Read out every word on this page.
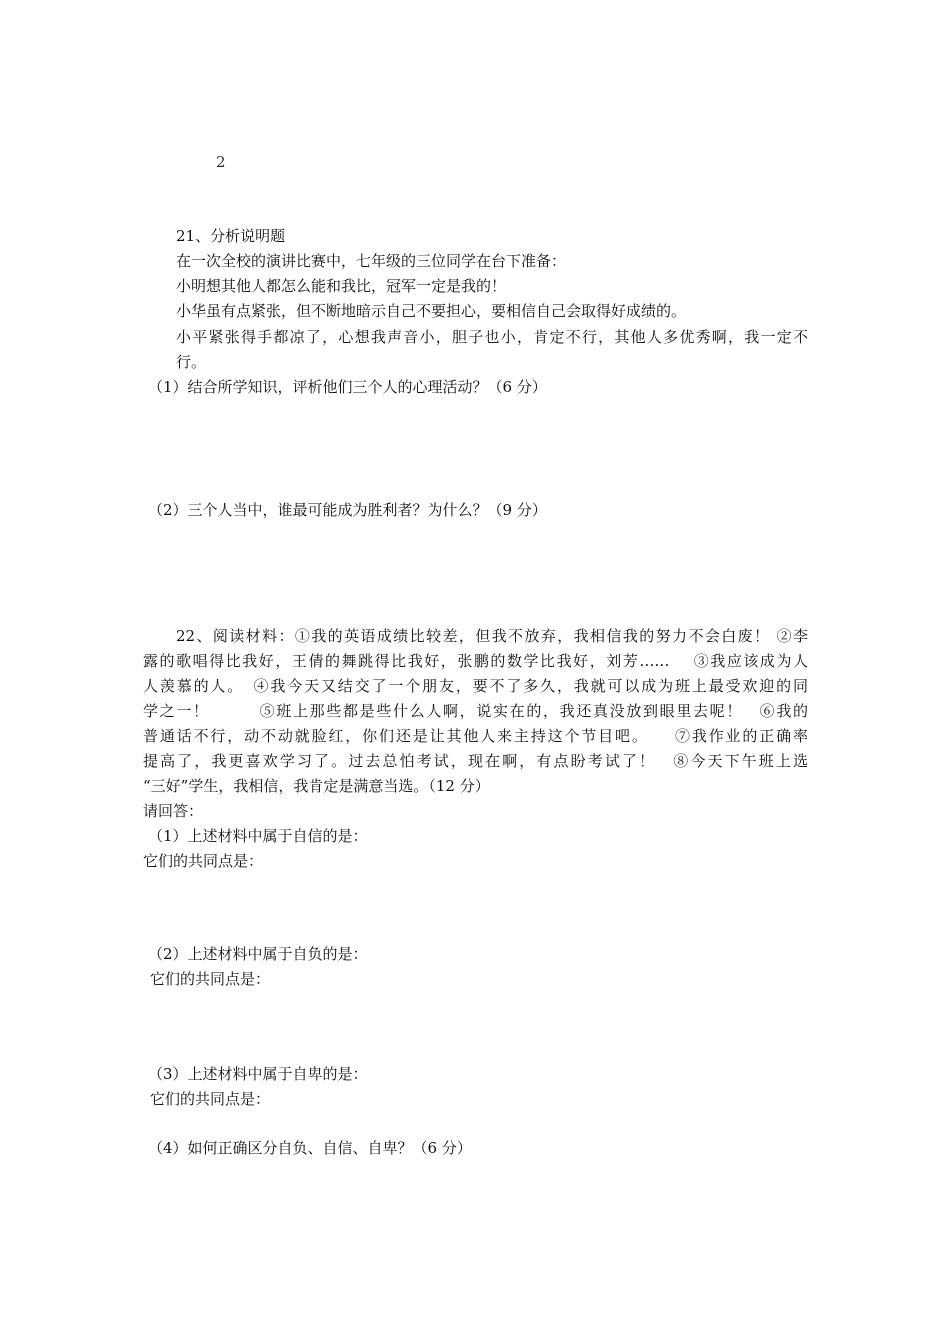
2
21、分析说明题
在一次全校的演讲比赛中，七年级的三位同学在台下准备：
小明想其他人都怎么能和我比，冠军一定是我的！
小华虽有点紧张，但不断地暗示自己不要担心，要相信自己会取得好成绩的。
小平紧张得手都凉了，心想我声音小，胆子也小，肯定不行，其他人多优秀啊，我一定不
行。
（1）结合所学知识，评析他们三个人的心理活动？（6 分）
（2）三个人当中，谁最可能成为胜利者？为什么？（9 分）
22、阅读材料：①我的英语成绩比较差，但我不放弃，我相信我的努力不会白废！ ②李
露的歌唱得比我好，王倩的舞跳得比我好，张鹏的数学比我好，刘芳……　 ③我应该成为人
人羡慕的人。　④我今天又结交了一个朋友，要不了多久，我就可以成为班上最受欢迎的同
学之一！　　　⑤班上那些都是些什么人啊，说实在的，我还真没放到眼里去呢！　⑥我的
普通话不行，动不动就脸红，你们还是让其他人来主持这个节目吧。　　⑦我作业的正确率
提高了，我更喜欢学习了。过去总怕考试，现在啊，有点盼考试了！　⑧今天下午班上选
“三好”学生，我相信，我肯定是满意当选。（12 分）
请回答：
（1）上述材料中属于自信的是：
它们的共同点是：
（2）上述材料中属于自负的是：
它们的共同点是：
（3）上述材料中属于自卑的是：
它们的共同点是：
（4）如何正确区分自负、自信、自卑？（6 分）
